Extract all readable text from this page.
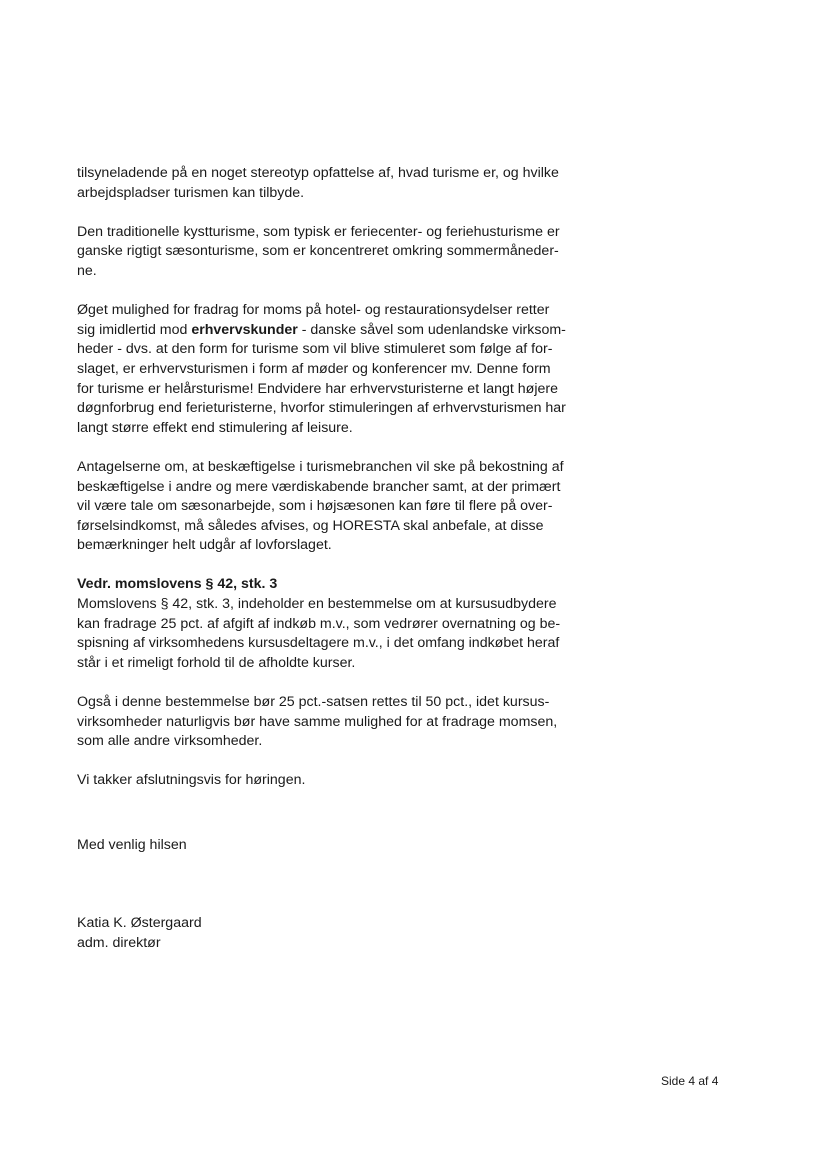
tilsyneladende på en noget stereotyp opfattelse af, hvad turisme er, og hvilke
arbejdspladser turismen kan tilbyde.

Den traditionelle kystturisme, som typisk er feriecenter- og feriehusturisme er
ganske rigtigt sæsonturisme, som er koncentreret omkring sommermåneder-
ne.

Øget mulighed for fradrag for moms på hotel- og restaurationsydelser retter
sig imidlertid mod erhvervskunder - danske såvel som udenlandske virksom-
heder - dvs. at den form for turisme som vil blive stimuleret som følge af for-
slaget, er erhvervsturismen i form af møder og konferencer mv. Denne form
for turisme er helårsturisme! Endvidere har erhvervsturisterne et langt højere
døgnforbrug end ferieturisterne, hvorfor stimuleringen af erhvervsturismen har
langt større effekt end stimulering af leisure.

Antagelserne om, at beskæftigelse i turismebranchen vil ske på bekostning af
beskæftigelse i andre og mere værdiskabende brancher samt, at der primært
vil være tale om sæsonarbejde, som i højsæsonen kan føre til flere på over-
førselsindkomst, må således afvises, og HORESTA skal anbefale, at disse
bemærkninger helt udgår af lovforslaget.

Vedr. momslovens § 42, stk. 3
Momslovens § 42, stk. 3, indeholder en bestemmelse om at kursusudbydere
kan fradrage 25 pct. af afgift af indkøb m.v., som vedrører overnatning og be-
spisning af virksomhedens kursusdeltagere m.v., i det omfang indkøbet heraf
står i et rimeligt forhold til de afholdte kurser.

Også i denne bestemmelse bør 25 pct.-satsen rettes til 50 pct., idet kursus-
virksomheder naturligvis bør have samme mulighed for at fradrage momsen,
som alle andre virksomheder.

Vi takker afslutningsvis for høringen.

Med venlig hilsen
Katia K. Østergaard
adm. direktør
Side 4 af 4
